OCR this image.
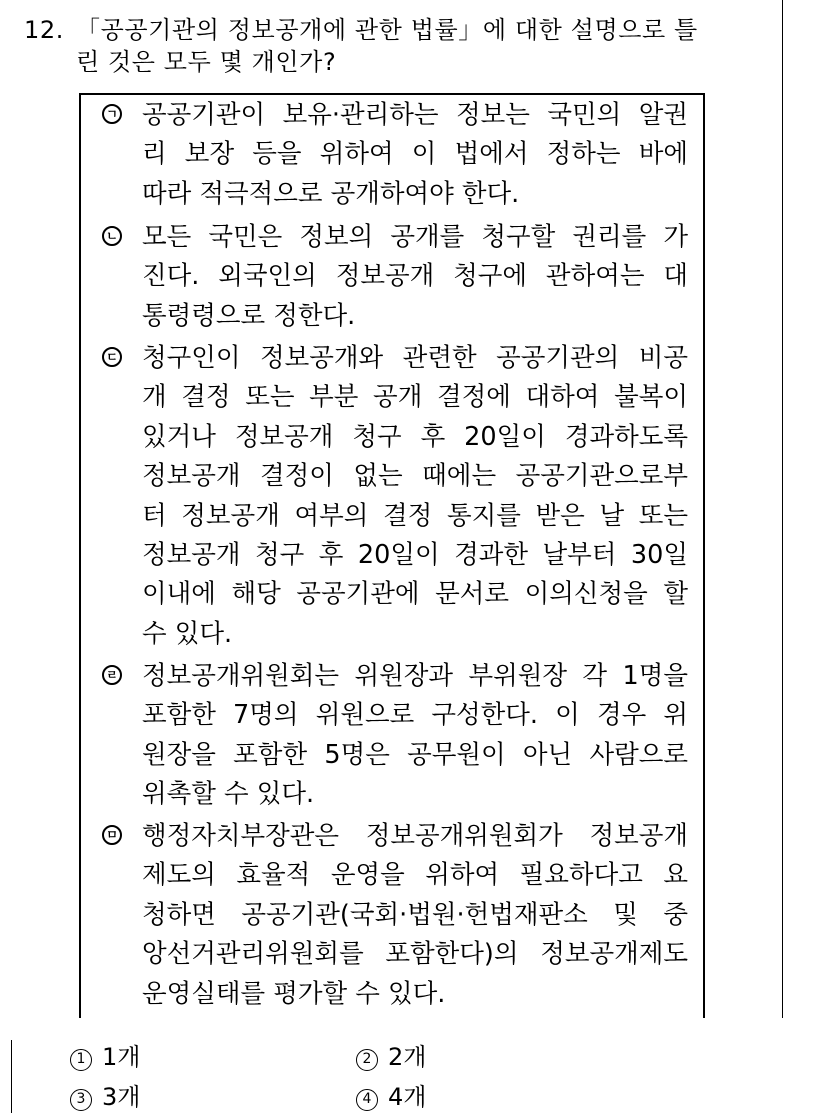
12. 「공공기관의 정보공개에 관한 법률」에 대한 설명으로 틀
린 것은 모두 몇 개인가?
ㄱ 공공기관이 보유·관리하는 정보는 국민의 알권
리 보장 등을 위하여 이 법에서 정하는 바에
따라 적극적으로 공개하여야 한다.
ㄴ 모든 국민은 정보의 공개를 청구할 권리를 가
진다. 외국인의 정보공개 청구에 관하여는 대
통령령으로 정한다.
ㄷ 청구인이 정보공개와 관련한 공공기관의 비공
개 결정 또는 부분 공개 결정에 대하여 불복이
있거나 정보공개 청구 후 20일이 경과하도록
정보공개 결정이 없는 때에는 공공기관으로부
터 정보공개 여부의 결정 통지를 받은 날 또는
정보공개 청구 후 20일이 경과한 날부터 30일
이내에 해당 공공기관에 문서로 이의신청을 할
수 있다.
ㄹ 정보공개위원회는 위원장과 부위원장 각 1명을
포함한 7명의 위원으로 구성한다. 이 경우 위
원장을 포함한 5명은 공무원이 아닌 사람으로
위촉할 수 있다.
ㅁ 행정자치부장관은 정보공개위원회가 정보공개
제도의 효율적 운영을 위하여 필요하다고 요
청하면 공공기관(국회·법원·헌법재판소 및 중
앙선거관리위원회를 포함한다)의 정보공개제도
운영실태를 평가할 수 있다.
1 1개	2 2개
3 3개	4 4개
